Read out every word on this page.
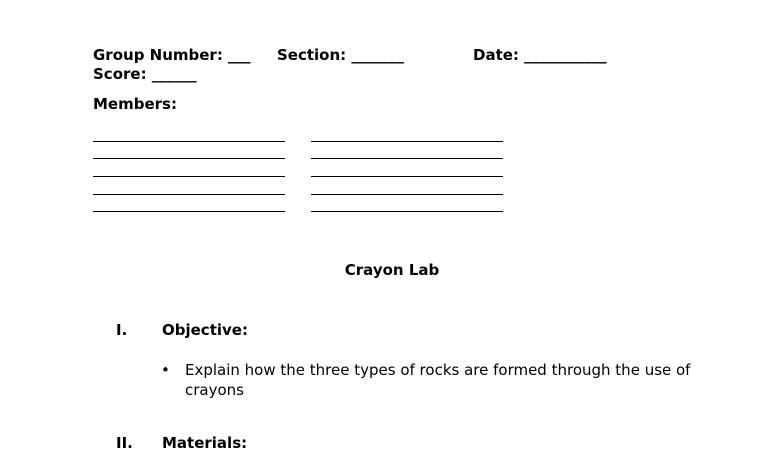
Group Number: ___ Section: _______	Date: ___________
Score: ______
Members:
Crayon Lab
I. Objective:
• Explain how the three types of rocks are formed through the use of crayons
II. Materials:
